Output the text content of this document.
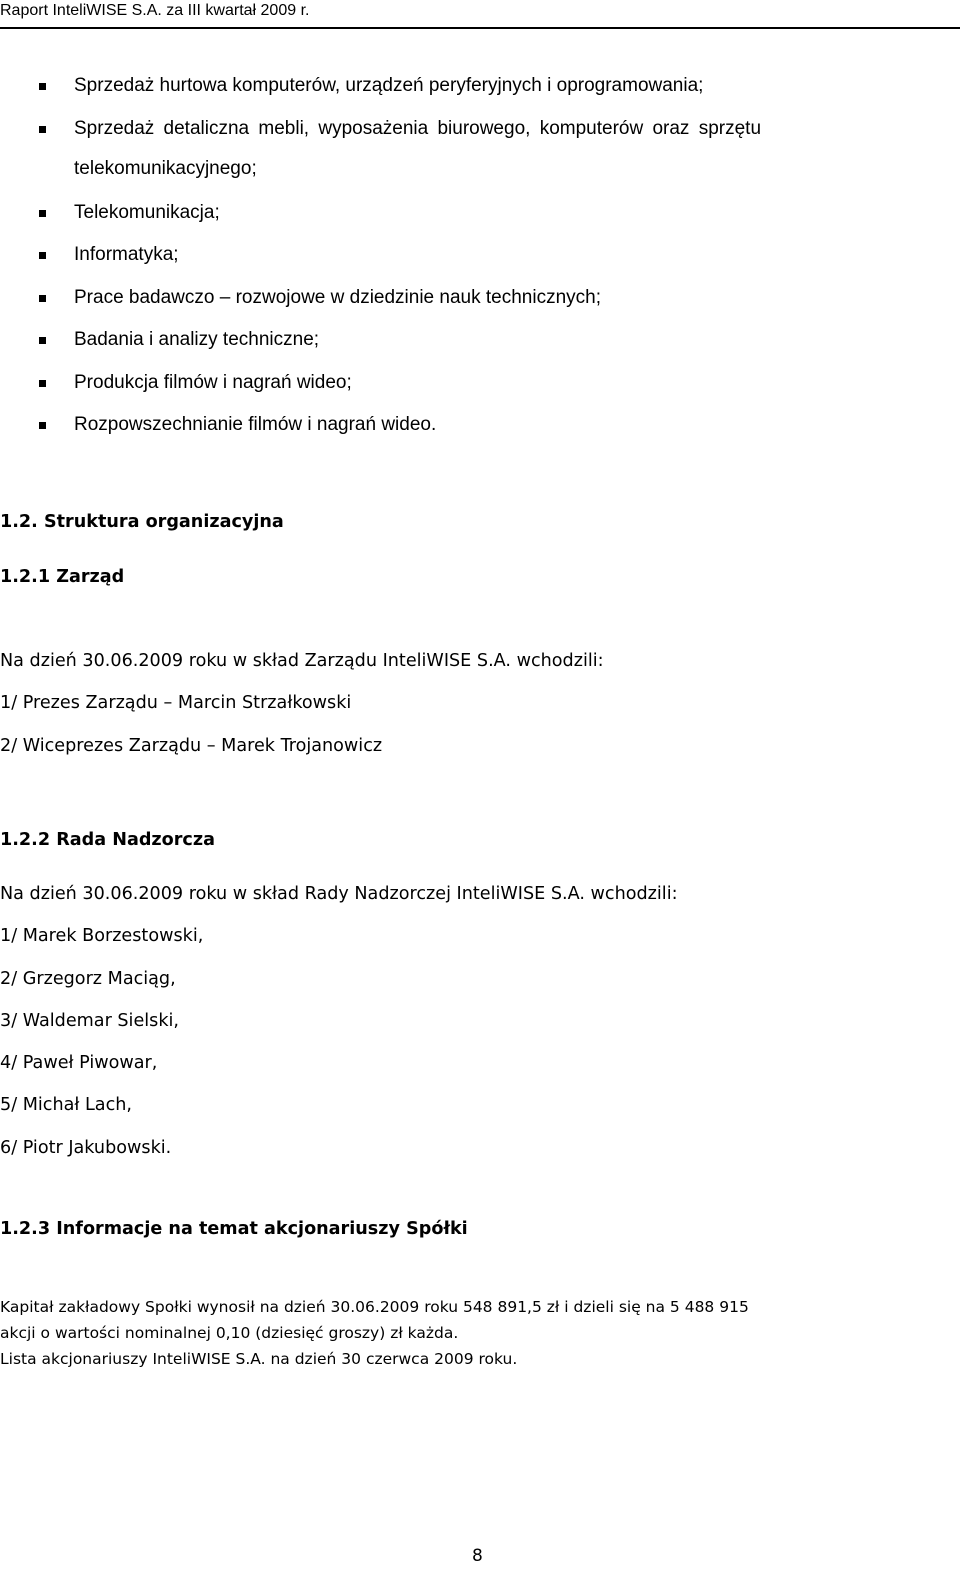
Raport InteliWISE S.A. za III kwartał 2009 r.
Sprzedaż hurtowa komputerów, urządzeń peryferyjnych i oprogramowania;
Sprzedaż detaliczna mebli, wyposażenia biurowego, komputerów oraz sprzętu
telekomunikacyjnego;
Telekomunikacja;
Informatyka;
Prace badawczo – rozwojowe w dziedzinie nauk technicznych;
Badania i analizy techniczne;
Produkcja filmów i nagrań wideo;
Rozpowszechnianie filmów i nagrań wideo.
1.2. Struktura organizacyjna
1.2.1 Zarząd
Na dzień 30.06.2009 roku w skład Zarządu InteliWISE S.A. wchodzili:
1/ Prezes Zarządu – Marcin Strzałkowski
2/ Wiceprezes Zarządu – Marek Trojanowicz
1.2.2 Rada Nadzorcza
Na dzień 30.06.2009 roku w skład Rady Nadzorczej InteliWISE S.A. wchodzili:
1/ Marek Borzestowski,
2/ Grzegorz Maciąg,
3/ Waldemar Sielski,
4/ Paweł Piwowar,
5/ Michał Lach,
6/ Piotr Jakubowski.
1.2.3 Informacje na temat akcjonariuszy Spółki
Kapitał zakładowy Społki wynosił na dzień 30.06.2009 roku 548 891,5 zł i dzieli się na 5 488 915
akcji o wartości nominalnej 0,10 (dziesięć groszy) zł każda.
Lista akcjonariuszy InteliWISE S.A. na dzień 30 czerwca 2009 roku.
8
